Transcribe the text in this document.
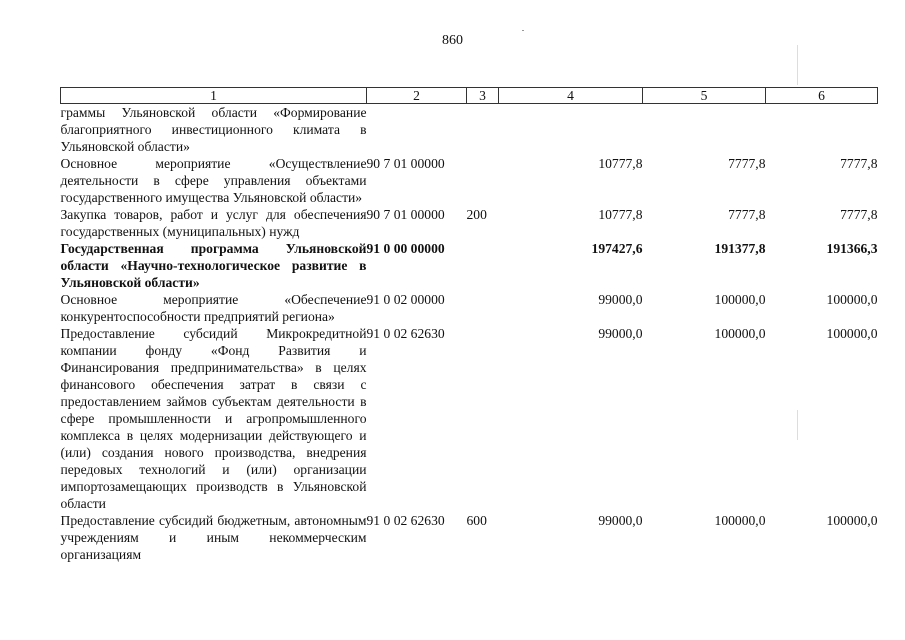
860
1	2	3	4	5	6
граммы Ульяновской области «Формирование благоприятного инвестиционного климата в Ульяновской области»					
Основное мероприятие «Осуществление деятельности в сфере управления объектами государственного имущества Ульяновской области»	90 7 01 00000		10777,8	7777,8	7777,8
Закупка товаров, работ и услуг для обеспечения государственных (муниципальных) нужд	90 7 01 00000	200	10777,8	7777,8	7777,8
Государственная программа Ульяновской области «Научно-технологическое развитие в Ульяновской области»	91 0 00 00000		197427,6	191377,8	191366,3
Основное мероприятие «Обеспечение конкурентоспособности предприятий региона»	91 0 02 00000		99000,0	100000,0	100000,0
Предоставление субсидий Микрокредитной компании фонду «Фонд Развития и Финансирования предпринимательства» в целях финансового обеспечения затрат в связи с предоставлением займов субъектам деятельности в сфере промышленности и агропромышленного комплекса в целях модернизации действующего и (или) создания нового производства, внедрения передовых технологий и (или) организации импортозамещающих производств в Ульяновской области	91 0 02 62630		99000,0	100000,0	100000,0
Предоставление субсидий бюджетным, автономным учреждениям и иным некоммерческим организациям	91 0 02 62630	600	99000,0	100000,0	100000,0
